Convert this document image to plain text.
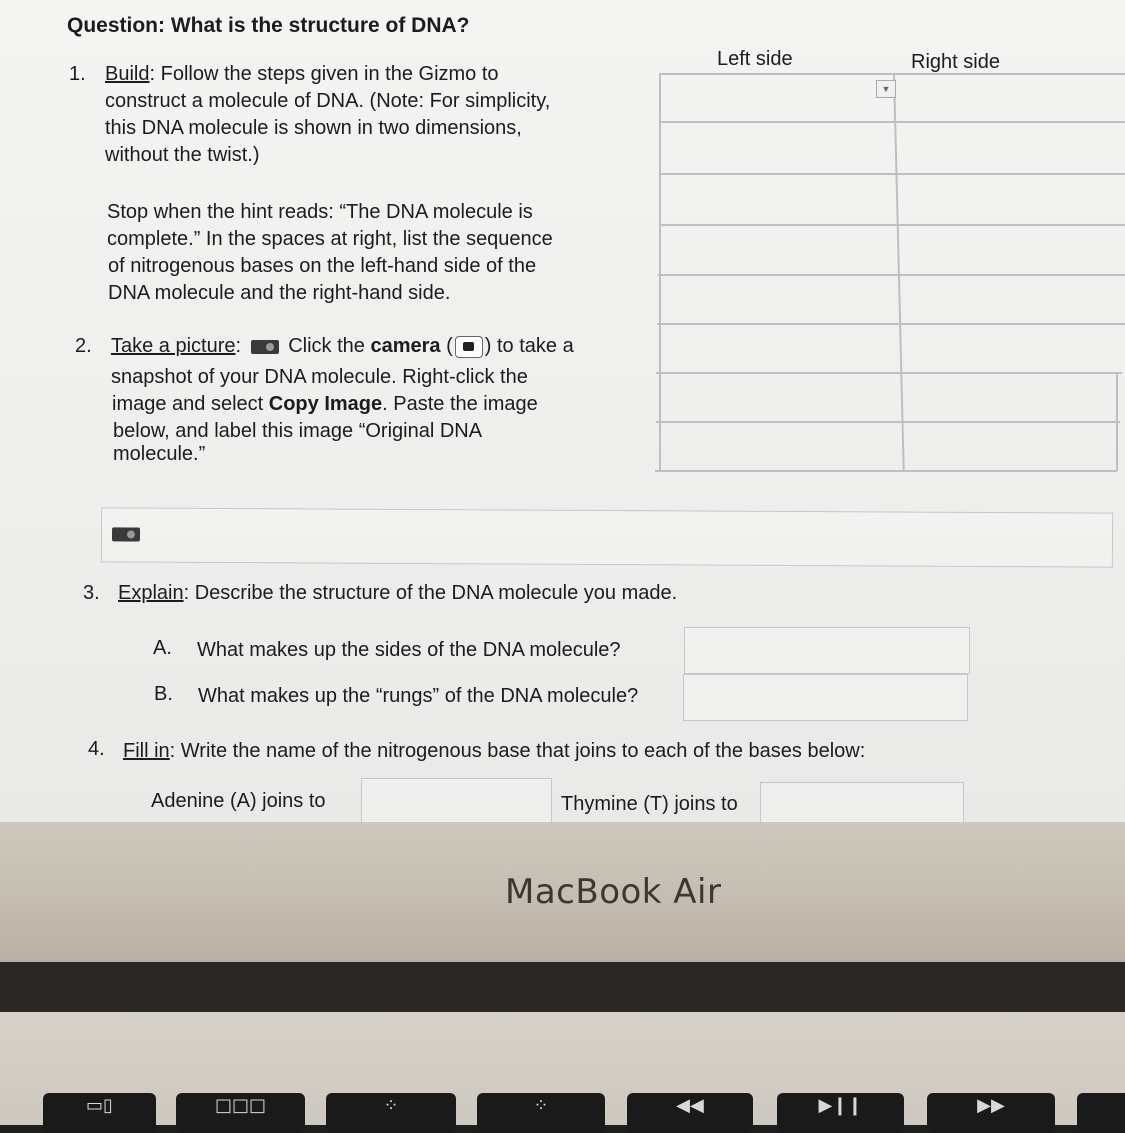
Question: What is the structure of DNA?
1. Build: Follow the steps given in the Gizmo to
construct a molecule of DNA. (Note: For simplicity,
this DNA molecule is shown in two dimensions,
without the twist.)
Stop when the hint reads: “The DNA molecule is
complete.” In the spaces at right, list the sequence
of nitrogenous bases on the left-hand side of the
DNA molecule and the right-hand side.
Left side	Right side
▼
2. Take a picture: Click the camera ( ) to take a
snapshot of your DNA molecule. Right-click the
image and select Copy Image. Paste the image
below, and label this image “Original DNA
molecule.”
3. Explain: Describe the structure of the DNA molecule you made.
A. What makes up the sides of the DNA molecule?
B. What makes up the “rungs” of the DNA molecule?
4. Fill in: Write the name of the nitrogenous base that joins to each of the bases below:
Adenine (A) joins to	Thymine (T) joins to
MacBook Air
▭▯	□□□	⁘	⁘	◀◀	▶❙❙	▶▶
